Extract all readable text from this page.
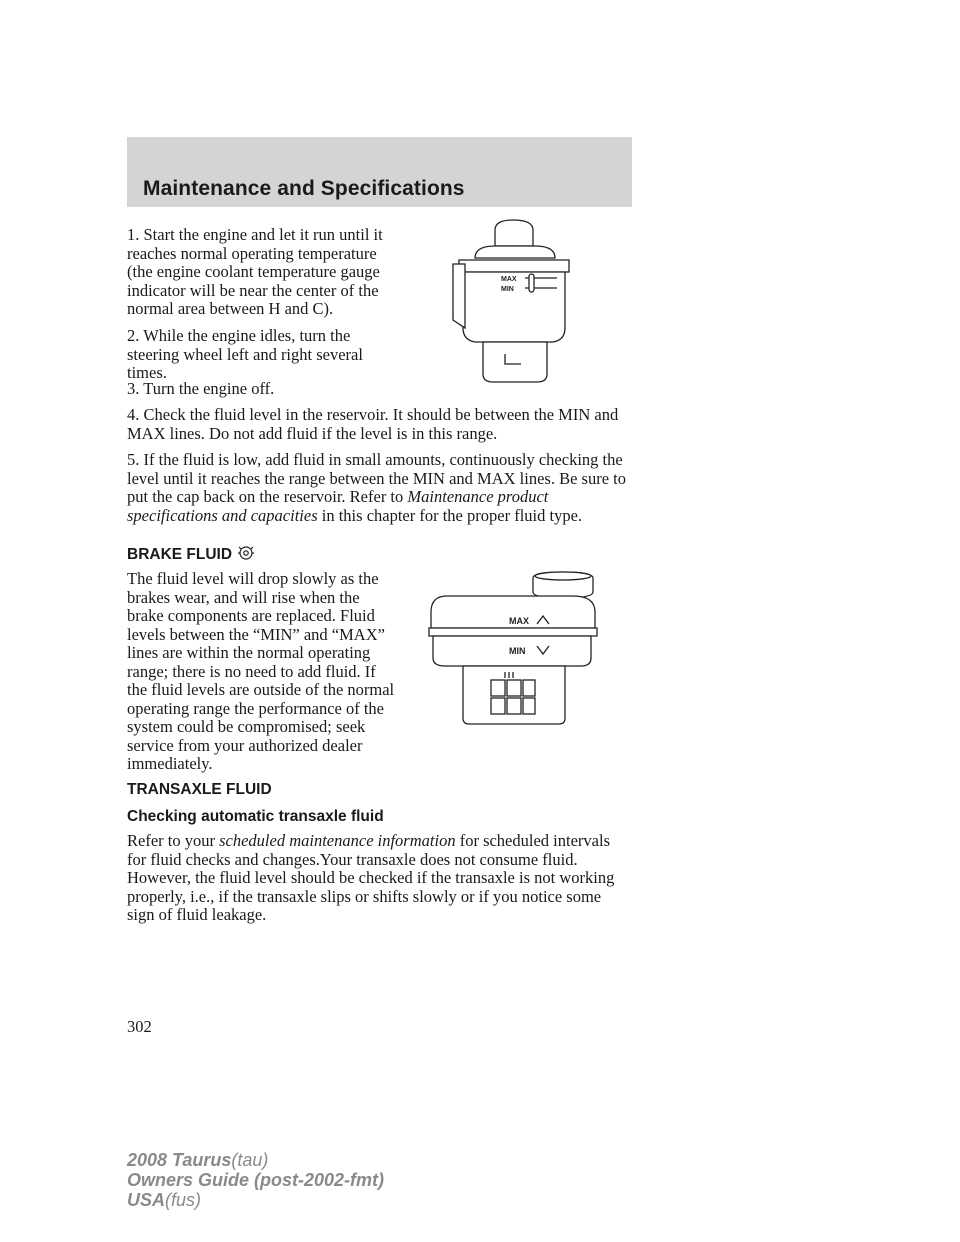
Maintenance and Specifications

1. Start the engine and let it run until it reaches normal operating temperature (the engine coolant temperature gauge indicator will be near the center of the normal area between H and C).

2. While the engine idles, turn the steering wheel left and right several times.

3. Turn the engine off.

4. Check the fluid level in the reservoir. It should be between the MIN and MAX lines. Do not add fluid if the level is in this range.

5. If the fluid is low, add fluid in small amounts, continuously checking the level until it reaches the range between the MIN and MAX lines. Be sure to put the cap back on the reservoir. Refer to Maintenance product specifications and capacities in this chapter for the proper fluid type.

MAX
MIN
BRAKE FLUID

The fluid level will drop slowly as the brakes wear, and will rise when the brake components are replaced. Fluid levels between the “MIN” and “MAX” lines are within the normal operating range; there is no need to add fluid. If the fluid levels are outside of the normal operating range the performance of the system could be compromised; seek service from your authorized dealer immediately.

MAX
MIN
TRANSAXLE FLUID
Checking automatic transaxle fluid

Refer to your scheduled maintenance information for scheduled intervals for fluid checks and changes.Your transaxle does not consume fluid. However, the fluid level should be checked if the transaxle is not working properly, i.e., if the transaxle slips or shifts slowly or if you notice some sign of fluid leakage.

302
2008 Taurus(tau)
Owners Guide (post-2002-fmt)
USA(fus)
